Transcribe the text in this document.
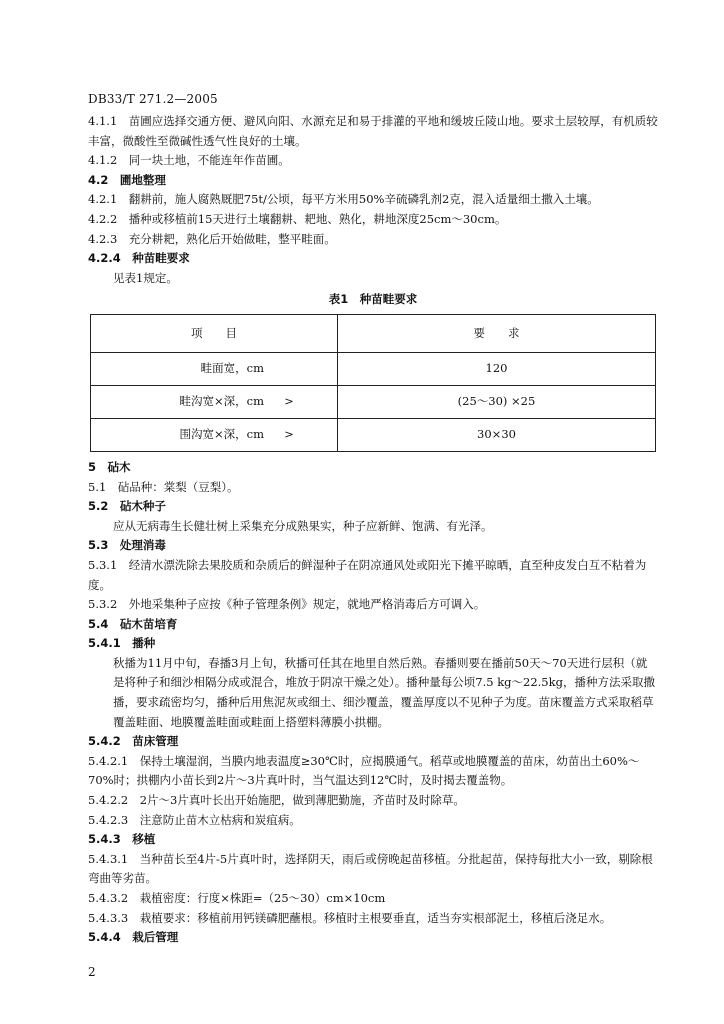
DB33/T 271.2—2005

4.1.1　苗圃应选择交通方便、避风向阳、水源充足和易于排灌的平地和缓坡丘陵山地。要求土层较厚，有机质较丰富，微酸性至微碱性透气性良好的土壤。

4.1.2　同一块土地，不能连年作苗圃。

4.2　圃地整理

4.2.1　翻耕前，施人腐熟厩肥75t/公顷，每平方米用50%辛硫磷乳剂2克，混入适量细土撒入土壤。

4.2.2　播种或移植前15天进行土壤翻耕、耙地、熟化，耕地深度25cm～30cm。

4.2.3　充分耕耙，熟化后开始做畦，整平畦面。

4.2.4　种苗畦要求

见表1规定。

表1　种苗畦要求
项　　目	要　　求
畦面宽，cm	120
畦沟宽×深，cm >	(25～30) ×25
围沟宽×深，cm >	30×30

5　砧木

5.1　砧品种：棠梨（豆梨）。

5.2　砧木种子

应从无病毒生长健壮树上采集充分成熟果实，种子应新鲜、饱满、有光泽。

5.3　处理消毒

5.3.1　经清水漂洗除去果胶质和杂质后的鲜湿种子在阴凉通风处或阳光下摊平晾晒，直至种皮发白互不粘着为度。

5.3.2　外地采集种子应按《种子管理条例》规定，就地严格消毒后方可调入。

5.4　砧木苗培育

5.4.1　播种

秋播为11月中旬，春播3月上旬，秋播可任其在地里自然后熟。春播则要在播前50天～70天进行层积（就是将种子和细沙相隔分成或混合，堆放于阴凉干燥之处）。播种量每公顷7.5 kg～22.5kg，播种方法采取撒播，要求疏密均匀，播种后用焦泥灰或细土、细沙覆盖，覆盖厚度以不见种子为度。苗床覆盖方式采取稻草覆盖畦面、地膜覆盖畦面或畦面上搭塑料薄膜小拱棚。

5.4.2　苗床管理

5.4.2.1　保持土壤湿润，当膜内地表温度≥30℃时，应揭膜通气。稻草或地膜覆盖的苗床，幼苗出土60%～70%时；拱棚内小苗长到2片～3片真叶时，当气温达到12℃时，及时揭去覆盖物。

5.4.2.2　2片～3片真叶长出开始施肥，做到薄肥勤施，齐苗时及时除草。

5.4.2.3　注意防止苗木立枯病和炭疽病。

5.4.3　移植

5.4.3.1　当种苗长至4片-5片真叶时，选择阴天，雨后或傍晚起苗移植。分批起苗，保持每批大小一致，剔除根弯曲等劣苗。

5.4.3.2　栽植密度：行度×株距=（25～30）cm×10cm

5.4.3.3　栽植要求：移植前用钙镁磷肥蘸根。移植时主根要垂直，适当夯实根部泥土，移植后浇足水。

5.4.4　栽后管理

2
